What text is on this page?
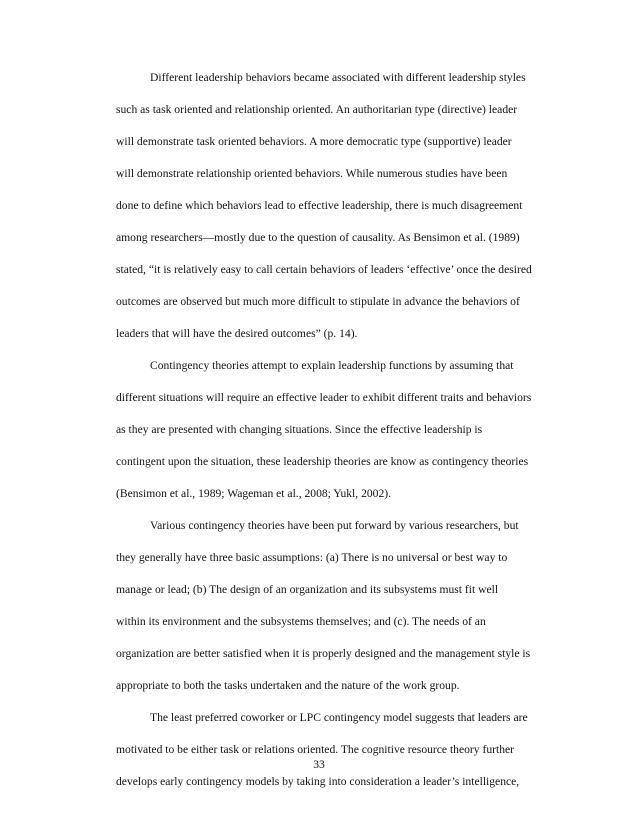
Different leadership behaviors became associated with different leadership styles
such as task oriented and relationship oriented. An authoritarian type (directive) leader
will demonstrate task oriented behaviors. A more democratic type (supportive) leader
will demonstrate relationship oriented behaviors. While numerous studies have been
done to define which behaviors lead to effective leadership, there is much disagreement
among researchers—mostly due to the question of causality. As Bensimon et al. (1989)
stated, “it is relatively easy to call certain behaviors of leaders ‘effective’ once the desired
outcomes are observed but much more difficult to stipulate in advance the behaviors of
leaders that will have the desired outcomes” (p. 14).
Contingency theories attempt to explain leadership functions by assuming that
different situations will require an effective leader to exhibit different traits and behaviors
as they are presented with changing situations. Since the effective leadership is
contingent upon the situation, these leadership theories are know as contingency theories
(Bensimon et al., 1989; Wageman et al., 2008; Yukl, 2002).
Various contingency theories have been put forward by various researchers, but
they generally have three basic assumptions: (a) There is no universal or best way to
manage or lead; (b) The design of an organization and its subsystems must fit well
within its environment and the subsystems themselves; and (c). The needs of an
organization are better satisfied when it is properly designed and the management style is
appropriate to both the tasks undertaken and the nature of the work group.
The least preferred coworker or LPC contingency model suggests that leaders are
motivated to be either task or relations oriented. The cognitive resource theory further
develops early contingency models by taking into consideration a leader’s intelligence,
33
